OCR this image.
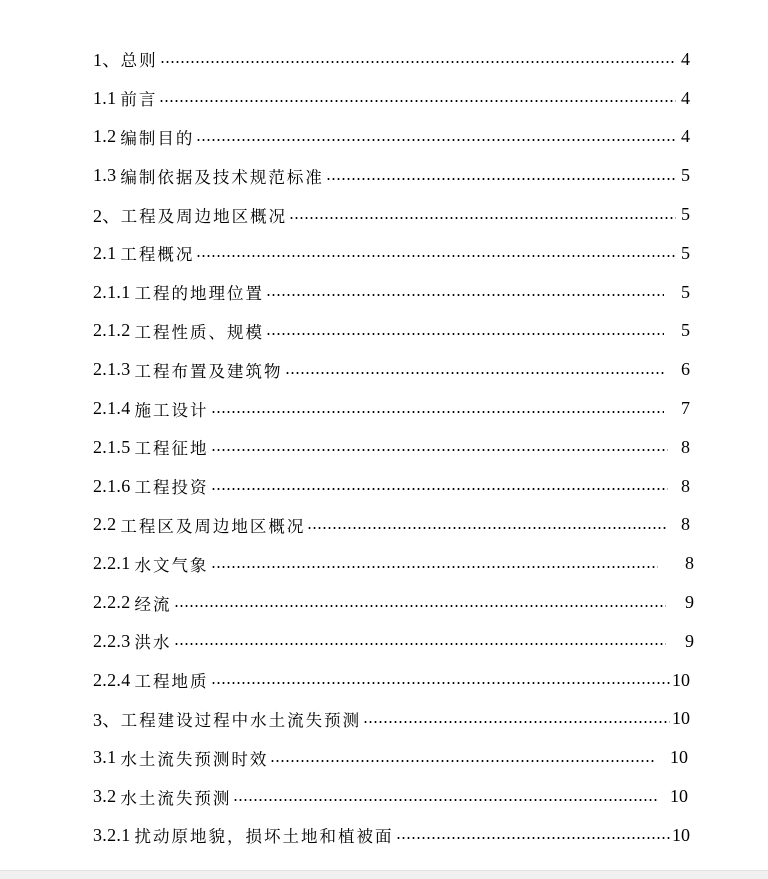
1、 总则	4
1.1 前言	4
1.2 编制目的	4
1.3 编制依据及技术规范标准	5
2、 工程及周边地区概况	5
2.1 工程概况	5
2.1.1 工程的地理位置	5
2.1.2 工程性质、规模	5
2.1.3 工程布置及建筑物	6
2.1.4 施工设计	7
2.1.5 工程征地	8
2.1.6 工程投资	8
2.2 工程区及周边地区概况	8
2.2.1 水文气象	8
2.2.2 经流	9
2.2.3 洪水	9
2.2.4 工程地质	10
3、 工程建设过程中水土流失预测	10
3.1 水土流失预测时效	10
3.2 水土流失预测	10
3.2.1 扰动原地貌，损坏土地和植被面	10
